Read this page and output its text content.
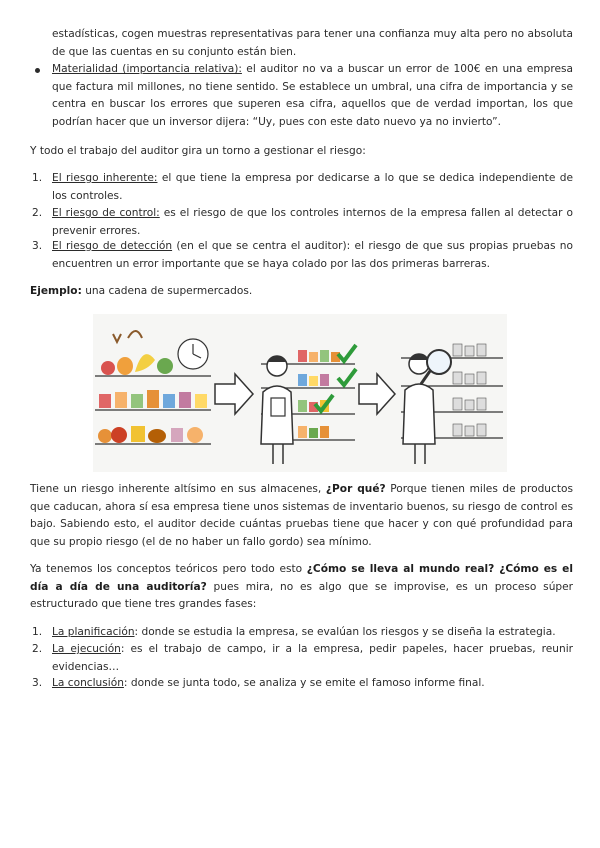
estadísticas, cogen muestras representativas para tener una confianza muy alta pero no absoluta de que las cuentas en su conjunto están bien.

Materialidad (importancia relativa): el auditor no va a buscar un error de 100€ en una empresa que factura mil millones, no tiene sentido. Se establece un umbral, una cifra de importancia y se centra en buscar los errores que superen esa cifra, aquellos que de verdad importan, los que podrían hacer que un inversor dijera: “Uy, pues con este dato nuevo ya no invierto”.

Y todo el trabajo del auditor gira un torno a gestionar el riesgo:

1. El riesgo inherente: el que tiene la empresa por dedicarse a lo que se dedica independiente de los controles.

2. El riesgo de control: es el riesgo de que los controles internos de la empresa fallen al detectar o prevenir errores.

3. El riesgo de detección (en el que se centra el auditor): el riesgo de que sus propias pruebas no encuentren un error importante que se haya colado por las dos primeras barreras.

Ejemplo: una cadena de supermercados.

Tiene un riesgo inherente altísimo en sus almacenes, ¿Por qué? Porque tienen miles de productos que caducan, ahora sí esa empresa tiene unos sistemas de inventario buenos, su riesgo de control es bajo. Sabiendo esto, el auditor decide cuántas pruebas tiene que hacer y con qué profundidad para que su propio riesgo (el de no haber un fallo gordo) sea mínimo.

Ya tenemos los conceptos teóricos pero todo esto ¿Cómo se lleva al mundo real? ¿Cómo es el día a día de una auditoría? pues mira, no es algo que se improvise, es un proceso súper estructurado que tiene tres grandes fases:

1. La planificación: donde se estudia la empresa, se evalúan los riesgos y se diseña la estrategia.

2. La ejecución: es el trabajo de campo, ir a la empresa, pedir papeles, hacer pruebas, reunir evidencias…

3. La conclusión: donde se junta todo, se analiza y se emite el famoso informe final.
